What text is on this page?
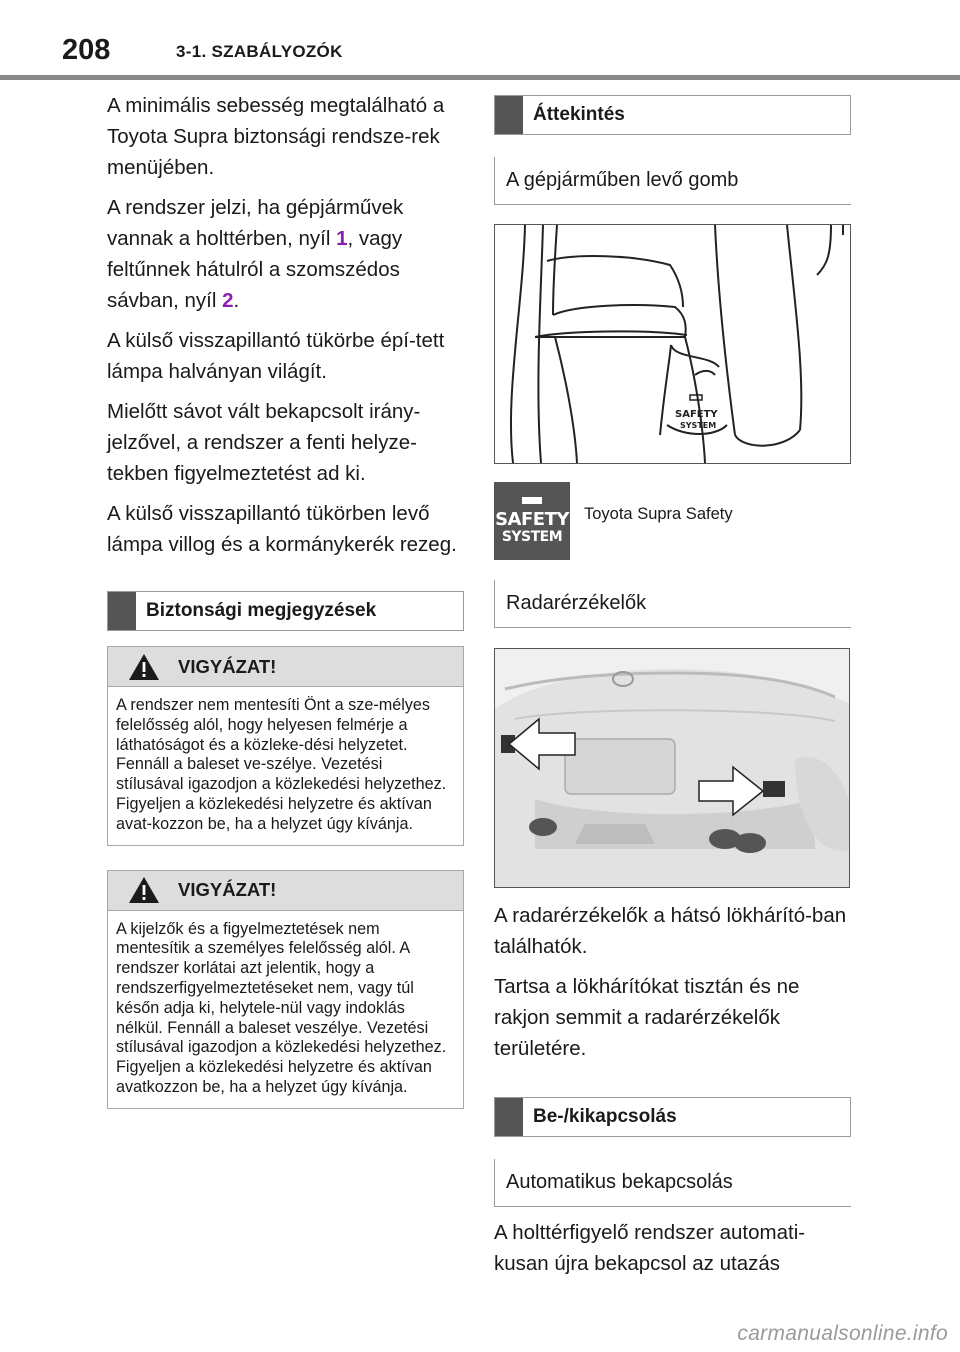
208	3-1. SZABÁLYOZÓK

A minimális sebesség megtalálható a Toyota Supra biztonsági rendsze-rek menüjében.

A rendszer jelzi, ha gépjárművek vannak a holttérben, nyíl 1, vagy feltűnnek hátulról a szomszédos sávban, nyíl 2.

A külső visszapillantó tükörbe épí-tett lámpa halványan világít.

Mielőtt sávot vált bekapcsolt irány-jelzővel, a rendszer a fenti helyze-tekben figyelmeztetést ad ki.

A külső visszapillantó tükörben levő lámpa villog és a kormánykerék rezeg.

Biztonsági megjegyzések
VIGYÁZAT!
A rendszer nem mentesíti Önt a sze-mélyes felelősség alól, hogy helyesen felmérje a láthatóságot és a közleke-dési helyzetet. Fennáll a baleset ve-szélye. Vezetési stílusával igazodjon a közlekedési helyzethez. Figyeljen a közlekedési helyzetre és aktívan avat-kozzon be, ha a helyzet úgy kívánja.
VIGYÁZAT!
A kijelzők és a figyelmeztetések nem mentesítik a személyes felelősség alól. A rendszer korlátai azt jelentik, hogy a rendszerfigyelmeztetéseket nem, vagy túl későn adja ki, helytele-nül vagy indoklás nélkül. Fennáll a baleset veszélye. Vezetési stílusával igazodjon a közlekedési helyzethez. Figyeljen a közlekedési helyzetre és aktívan avatkozzon be, ha a helyzet úgy kívánja.
Áttekintés
A gépjárműben levő gomb
SAFETY
SYSTEM
SAFETY
SYSTEM
Toyota Supra Safety
Radarérzékelők

A radarérzékelők a hátsó lökhárító-ban találhatók.

Tartsa a lökhárítókat tisztán és ne rakjon semmit a radarérzékelők területére.

Be-/kikapcsolás
Automatikus bekapcsolás

A holttérfigyelő rendszer automati-kusan újra bekapcsol az utazás

carmanualsonline.info
